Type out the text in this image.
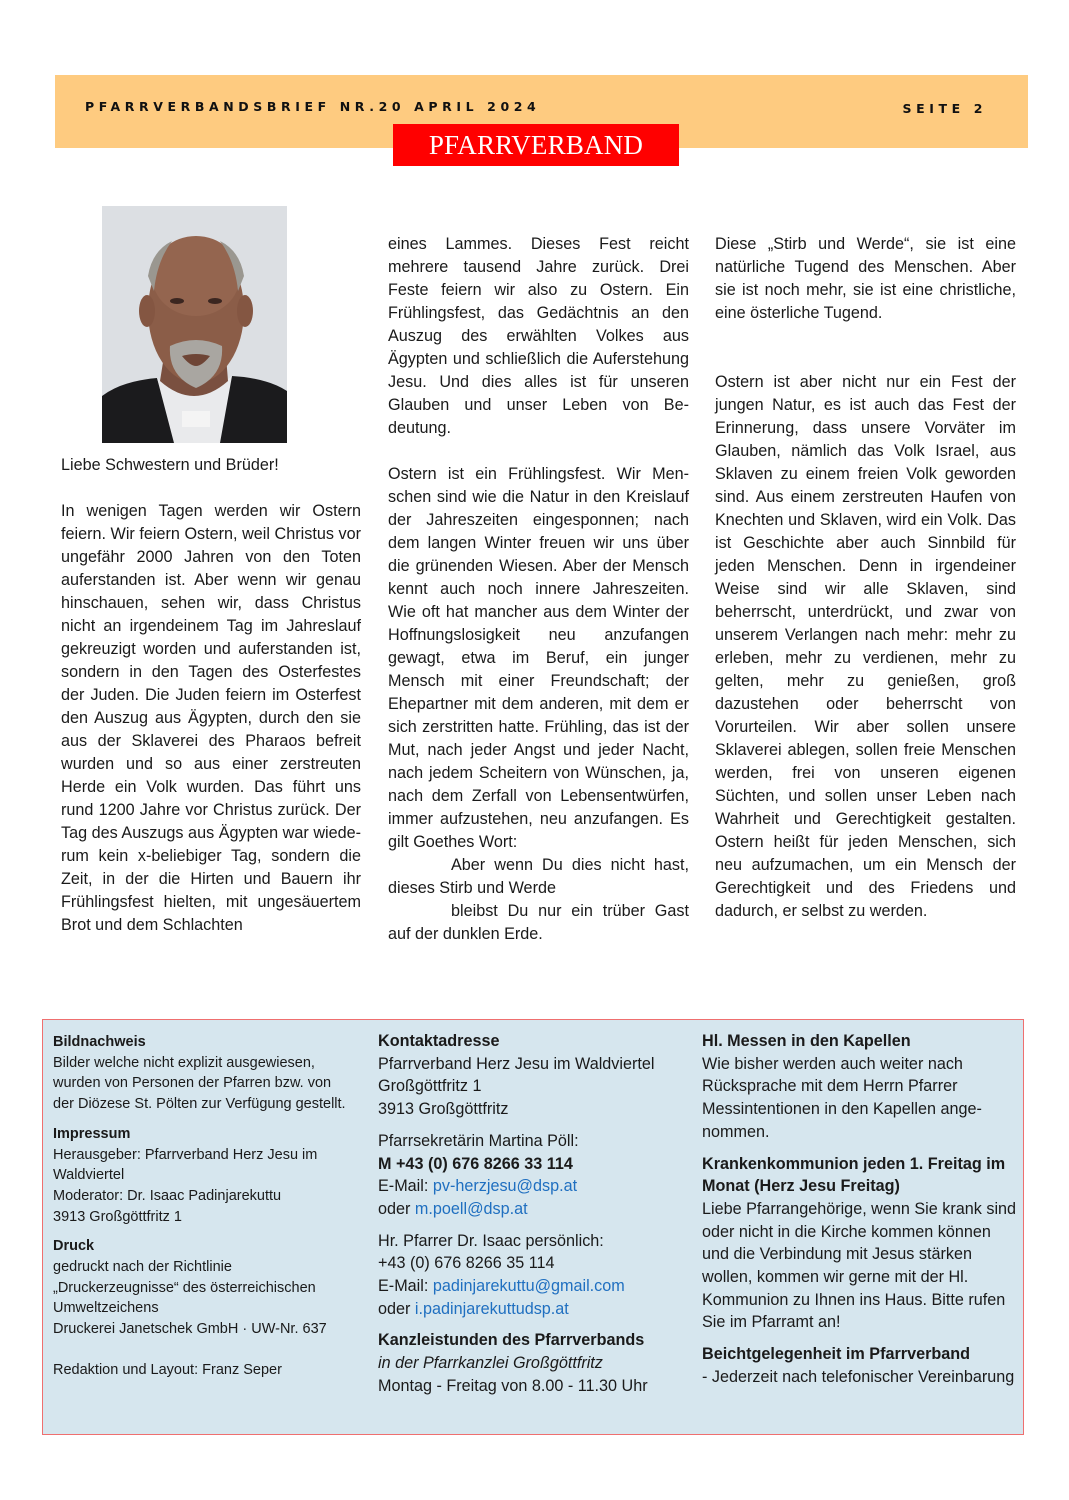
PFARRVERBANDSBRIEF NR.20 APRIL 2024	SEITE 2
PFARRVERBAND

Liebe Schwestern und Brüder!

In wenigen Tagen werden wir Ostern feiern. Wir feiern Ostern, weil Christus vor ungefähr 2000 Jahren von den Toten auferstanden ist. Aber wenn wir genau hinschauen, sehen wir, dass Christus nicht an irgendeinem Tag im Jahreslauf gekreuzigt worden und auferstanden ist, sondern in den Tagen des Osterfestes der Juden. Die Juden feiern im Osterfest den Auszug aus Ägypten, durch den sie aus der Sklaverei des Pharaos befreit wurden und so aus einer zerstreuten Herde ein Volk wurden. Das führt uns rund 1200 Jahre vor Christus zurück. Der Tag des Auszugs aus Ägypten war wiederum kein x-beliebiger Tag, sondern die Zeit, in der die Hirten und Bauern ihr Frühlingsfest hielten, mit ungesäuertem Brot und dem Schlachten

eines Lammes. Dieses Fest reicht mehrere tausend Jahre zurück. Drei Feste feiern wir also zu Ostern. Ein Frühlingsfest, das Gedächtnis an den Auszug des erwählten Volkes aus Ägypten und schließlich die Auferstehung Jesu. Und dies alles ist für unseren Glauben und unser Leben von Bedeutung.

Ostern ist ein Frühlingsfest. Wir Menschen sind wie die Natur in den Kreislauf der Jahreszeiten eingesponnen; nach dem langen Winter freuen wir uns über die grünenden Wiesen. Aber der Mensch kennt auch noch innere Jahreszeiten. Wie oft hat mancher aus dem Winter der Hoffnungslosigkeit neu anzufangen gewagt, etwa im Beruf, ein junger Mensch mit einer Freundschaft; der Ehepartner mit dem anderen, mit dem er sich zerstritten hatte. Frühling, das ist der Mut, nach jeder Angst und jeder Nacht, nach jedem Scheitern von Wünschen, ja, nach dem Zerfall von Lebensentwürfen, immer aufzustehen, neu anzufangen. Es gilt Goethes Wort:

Aber wenn Du dies nicht hast,

dieses Stirb und Werde

bleibst Du nur ein trüber Gast

auf der dunklen Erde.

Diese „Stirb und Werde“, sie ist eine natürliche Tugend des Menschen. Aber sie ist noch mehr, sie ist eine christliche, eine österliche Tugend.

Ostern ist aber nicht nur ein Fest der jungen Natur, es ist auch das Fest der Erinnerung, dass unsere Vorväter im Glauben, nämlich das Volk Israel, aus Sklaven zu einem freien Volk geworden sind. Aus einem zerstreuten Haufen von Knechten und Sklaven, wird ein Volk. Das ist Geschichte aber auch Sinnbild für jeden Menschen. Denn in irgendeiner Weise sind wir alle Sklaven, sind beherrscht, unterdrückt, und zwar von unserem Verlangen nach mehr: mehr zu erleben, mehr zu verdienen, mehr zu gelten, mehr zu genießen, groß dazustehen oder beherrscht von Vorurteilen. Wir aber sollen unsere Sklaverei ablegen, sollen freie Menschen werden, frei von unseren eigenen Süchten, und sollen unser Leben nach Wahrheit und Gerechtigkeit gestalten. Ostern heißt für jeden Menschen, sich neu aufzumachen, um ein Mensch der Gerechtigkeit und des Friedens und dadurch, er selbst zu werden.

Bildnachweis
Bilder welche nicht explizit ausgewiesen, wurden von Personen der Pfarren bzw. von der Diözese St. Pölten zur Verfügung gestellt.
Impressum
Herausgeber: Pfarrverband Herz Jesu im Waldviertel
Moderator: Dr. Isaac Padinjarekuttu
3913 Großgöttfritz 1
Druck
gedruckt nach der Richtlinie
„Druckerzeugnisse“ des österreichischen Umweltzeichens
Druckerei Janetschek GmbH · UW-Nr. 637
Redaktion und Layout: Franz Seper
Kontaktadresse
Pfarrverband Herz Jesu im Waldviertel
Großgöttfritz 1
3913 Großgöttfritz
Pfarrsekretärin Martina Pöll:
M +43 (0) 676 8266 33 114
E-Mail: pv-herzjesu@dsp.at
oder m.poell@dsp.at
Hr. Pfarrer Dr. Isaac persönlich:
+43 (0) 676 8266 35 114
E-Mail: padinjarekuttu@gmail.com
oder i.padinjarekuttudsp.at
Kanzleistunden des Pfarrverbands
in der Pfarrkanzlei Großgöttfritz
Montag - Freitag von 8.00 - 11.30 Uhr
Hl. Messen in den Kapellen
Wie bisher werden auch weiter nach Rücksprache mit dem Herrn Pfarrer Messintentionen in den Kapellen angenommen.
Krankenkommunion jeden 1. Freitag im Monat (Herz Jesu Freitag)
Liebe Pfarrangehörige, wenn Sie krank sind oder nicht in die Kirche kommen können und die Verbindung mit Jesus stärken wollen, kommen wir gerne mit der Hl. Kommunion zu Ihnen ins Haus. Bitte rufen Sie im Pfarramt an!
Beichtgelegenheit im Pfarrverband
- Jederzeit nach telefonischer Vereinbarung
